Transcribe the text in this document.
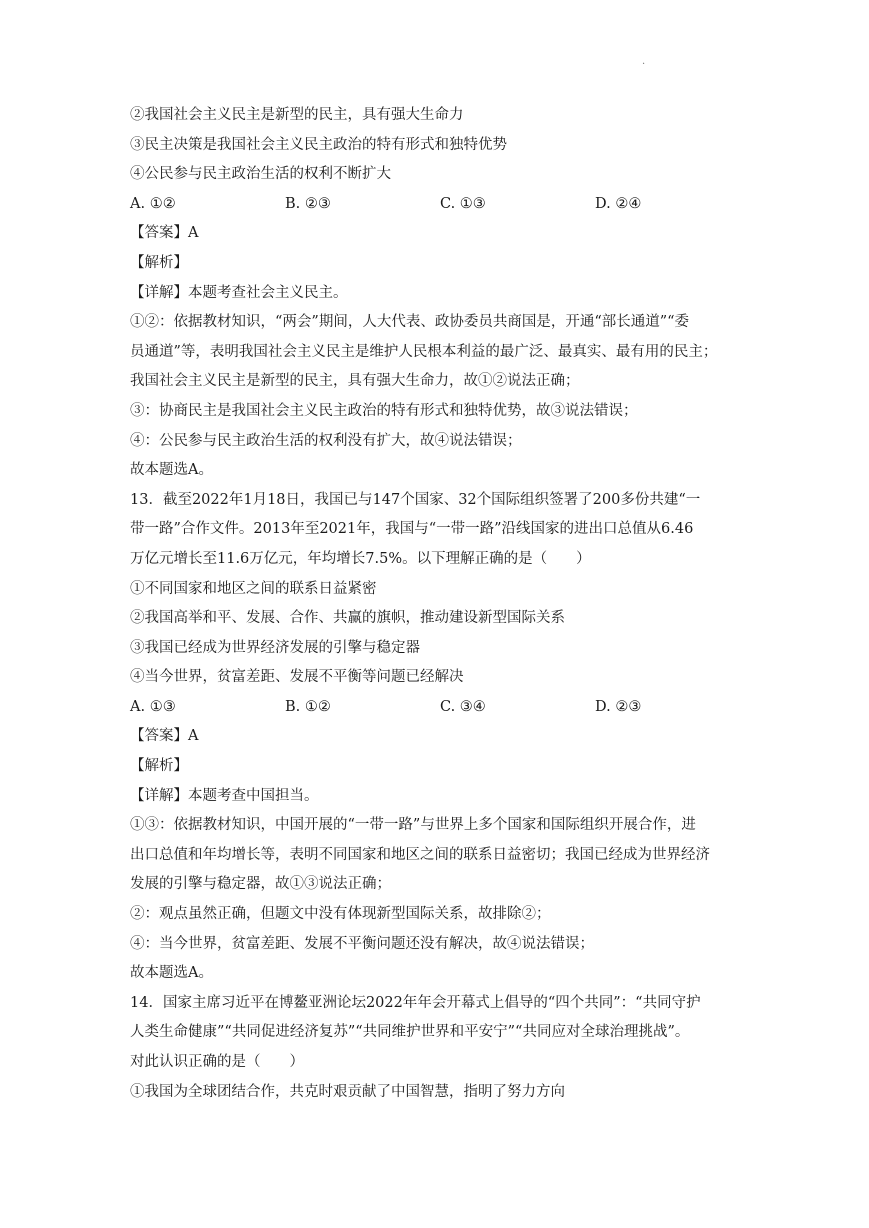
.
②我国社会主义民主是新型的民主，具有强大生命力
③民主决策是我国社会主义民主政治的特有形式和独特优势
④公民参与民主政治生活的权利不断扩大
A. ①②	B. ②③	C. ①③	D. ②④
【答案】A
【解析】
【详解】本题考查社会主义民主。
①②：依据教材知识，“两会”期间，人大代表、政协委员共商国是，开通“部长通道”“委
员通道”等，表明我国社会主义民主是维护人民根本利益的最广泛、最真实、最有用的民主；
我国社会主义民主是新型的民主，具有强大生命力，故①②说法正确；
③：协商民主是我国社会主义民主政治的特有形式和独特优势，故③说法错误；
④：公民参与民主政治生活的权利没有扩大，故④说法错误；
故本题选A。
13．截至2022年1月18日，我国已与147个国家、32个国际组织签署了200多份共建“一
带一路”合作文件。2013年至2021年，我国与“一带一路”沿线国家的进出口总值从6.46
万亿元增长至11.6万亿元，年均增长7.5%。以下理解正确的是（　　）
①不同国家和地区之间的联系日益紧密
②我国高举和平、发展、合作、共赢的旗帜，推动建设新型国际关系
③我国已经成为世界经济发展的引擎与稳定器
④当今世界，贫富差距、发展不平衡等问题已经解决
A. ①③	B. ①②	C. ③④	D. ②③
【答案】A
【解析】
【详解】本题考查中国担当。
①③：依据教材知识，中国开展的“一带一路”与世界上多个国家和国际组织开展合作，进
出口总值和年均增长等，表明不同国家和地区之间的联系日益密切；我国已经成为世界经济
发展的引擎与稳定器，故①③说法正确；
②：观点虽然正确，但题文中没有体现新型国际关系，故排除②；
④：当今世界，贫富差距、发展不平衡问题还没有解决，故④说法错误；
故本题选A。
14．国家主席习近平在博鳌亚洲论坛2022年年会开幕式上倡导的“四个共同”：“共同守护
人类生命健康”“共同促进经济复苏”“共同维护世界和平安宁”“共同应对全球治理挑战”。
对此认识正确的是（　　）
①我国为全球团结合作，共克时艰贡献了中国智慧，指明了努力方向
